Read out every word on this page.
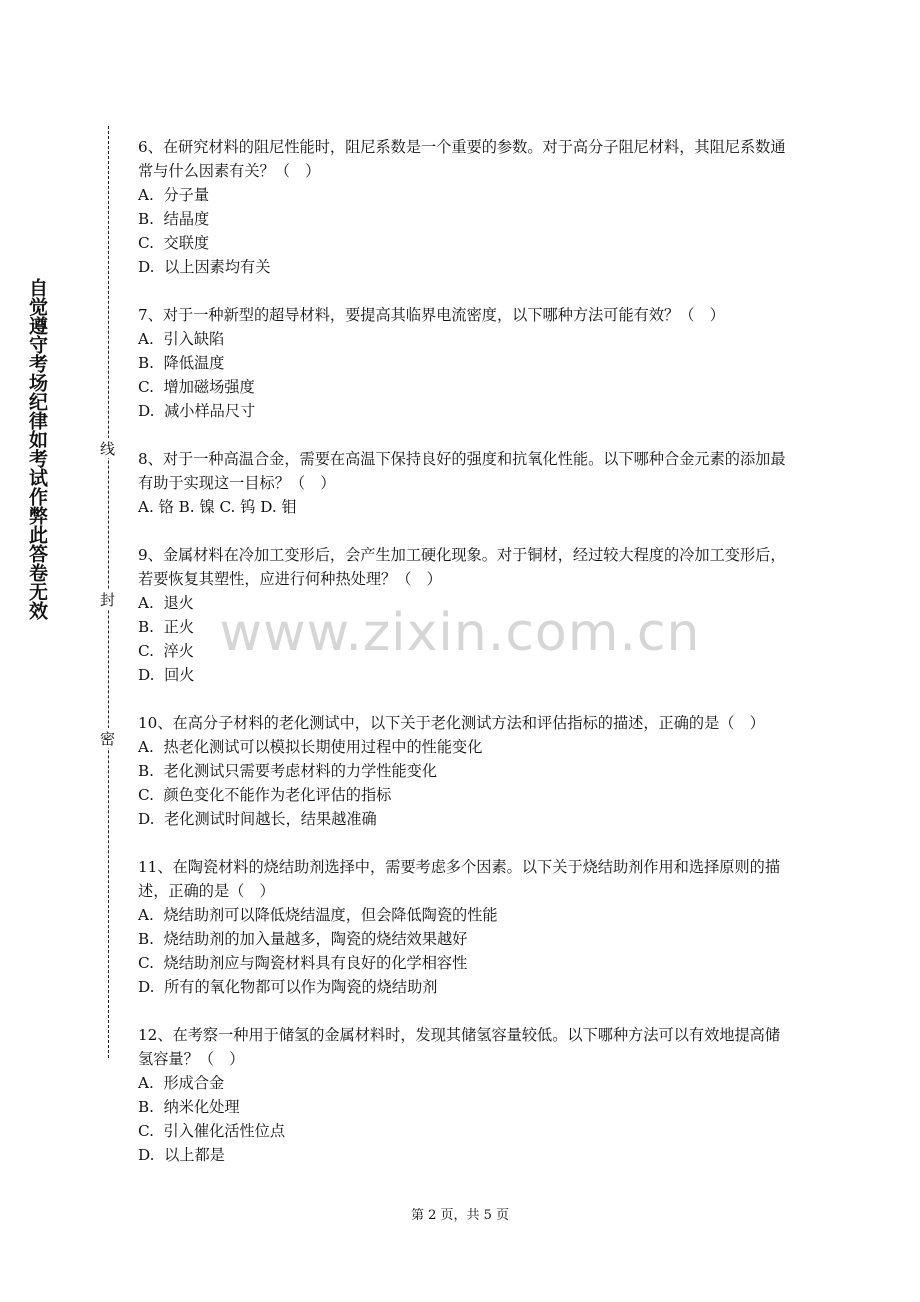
自觉遵守考场纪律如考试作弊此答卷无效	线
封
密
www.zixin.com.cn

6、在研究材料的阻尼性能时，阻尼系数是一个重要的参数。对于高分子阻尼材料，其阻尼系数通常与什么因素有关？（　）

A.  分子量

B.  结晶度

C.  交联度

D.  以上因素均有关

7、对于一种新型的超导材料，要提高其临界电流密度，以下哪种方法可能有效？（　）

A.  引入缺陷

B.  降低温度

C.  增加磁场强度

D.  减小样品尺寸

8、对于一种高温合金，需要在高温下保持良好的强度和抗氧化性能。以下哪种合金元素的添加最有助于实现这一目标？（　）

A. 铬 B. 镍 C. 钨 D. 钼

9、金属材料在冷加工变形后，会产生加工硬化现象。对于铜材，经过较大程度的冷加工变形后，若要恢复其塑性，应进行何种热处理？（　）

A.  退火

B.  正火

C.  淬火

D.  回火

10、在高分子材料的老化测试中，以下关于老化测试方法和评估指标的描述，正确的是（　）

A.  热老化测试可以模拟长期使用过程中的性能变化

B.  老化测试只需要考虑材料的力学性能变化

C.  颜色变化不能作为老化评估的指标

D.  老化测试时间越长，结果越准确

11、在陶瓷材料的烧结助剂选择中，需要考虑多个因素。以下关于烧结助剂作用和选择原则的描述，正确的是（　）

A.  烧结助剂可以降低烧结温度，但会降低陶瓷的性能

B.  烧结助剂的加入量越多，陶瓷的烧结效果越好

C.  烧结助剂应与陶瓷材料具有良好的化学相容性

D.  所有的氧化物都可以作为陶瓷的烧结助剂

12、在考察一种用于储氢的金属材料时，发现其储氢容量较低。以下哪种方法可以有效地提高储氢容量？（　）

A.  形成合金

B.  纳米化处理

C.  引入催化活性位点

D.  以上都是

第 2 页，共 5 页
